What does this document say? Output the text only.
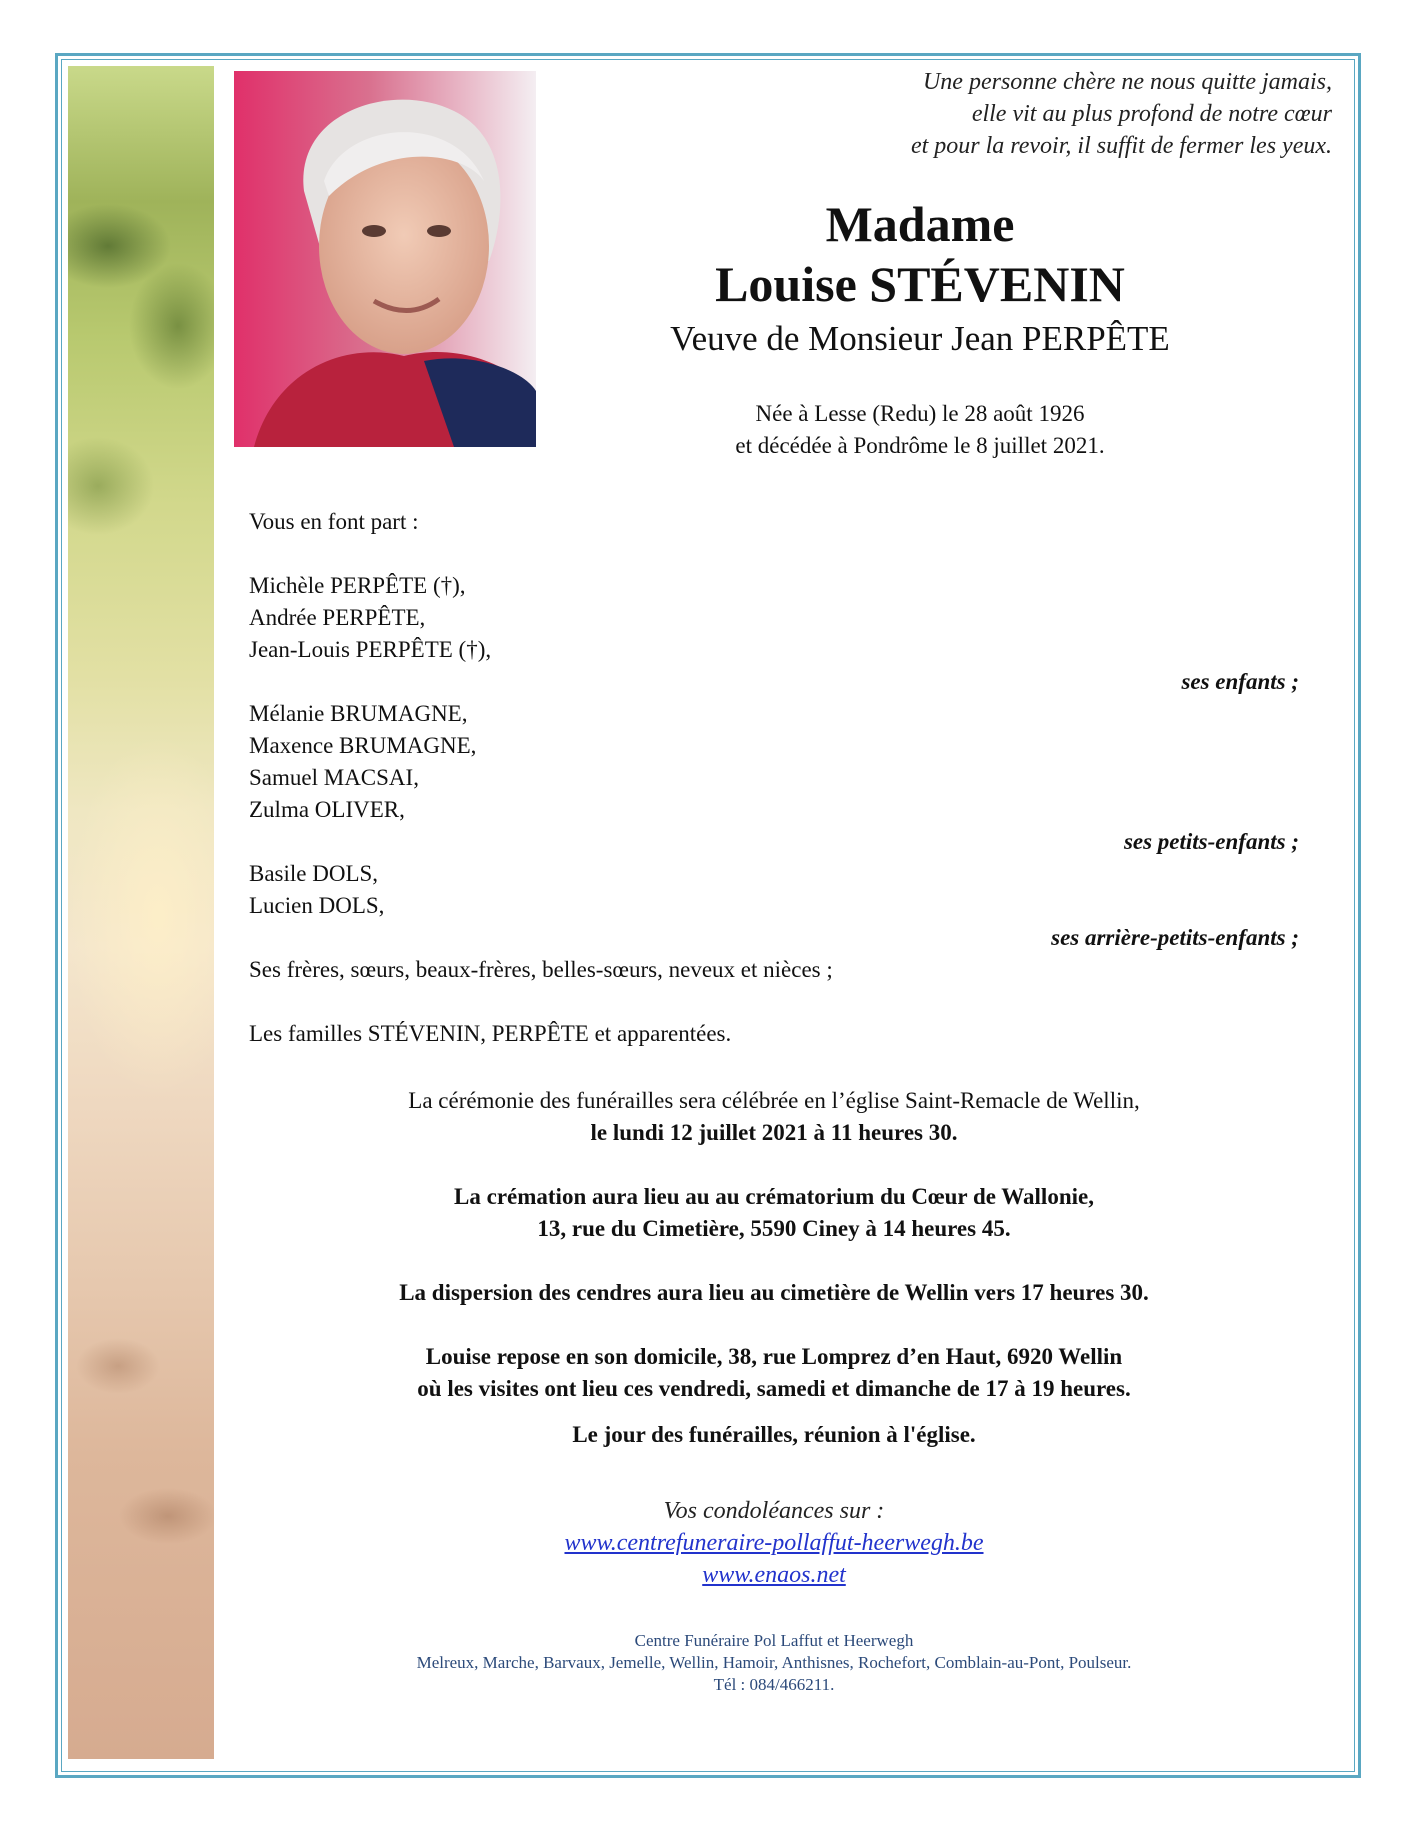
Une personne chère ne nous quitte jamais,
elle vit au plus profond de notre cœur
et pour la revoir, il suffit de fermer les yeux.
Madame
Louise STÉVENIN
Veuve de Monsieur Jean PERPÊTE
Née à Lesse (Redu) le 28 août 1926
et décédée à Pondrôme le 8 juillet 2021.
Vous en font part :
Michèle PERPÊTE (†),
Andrée PERPÊTE,
Jean-Louis PERPÊTE (†),
ses enfants ;
Mélanie BRUMAGNE,
Maxence BRUMAGNE,
Samuel MACSAI,
Zulma OLIVER,
ses petits-enfants ;
Basile DOLS,
Lucien DOLS,
ses arrière-petits-enfants ;
Ses frères, sœurs, beaux-frères, belles-sœurs, neveux et nièces ;
Les familles STÉVENIN, PERPÊTE et apparentées.
La cérémonie des funérailles sera célébrée en l’église Saint-Remacle de Wellin,
le lundi 12 juillet 2021 à 11 heures 30.
La crémation aura lieu au au crématorium du Cœur de Wallonie,
13, rue du Cimetière, 5590 Ciney à 14 heures 45.
La dispersion des cendres aura lieu au cimetière de Wellin vers 17 heures 30.
Louise repose en son domicile, 38, rue Lomprez d’en Haut, 6920 Wellin
où les visites ont lieu ces vendredi, samedi et dimanche de 17 à 19 heures.
Le jour des funérailles, réunion à l'église.
Vos condoléances sur :
www.centrefuneraire-pollaffut-heerwegh.be
www.enaos.net
Centre Funéraire Pol Laffut et Heerwegh
Melreux, Marche, Barvaux, Jemelle, Wellin, Hamoir, Anthisnes, Rochefort, Comblain-au-Pont, Poulseur.
Tél : 084/466211.
